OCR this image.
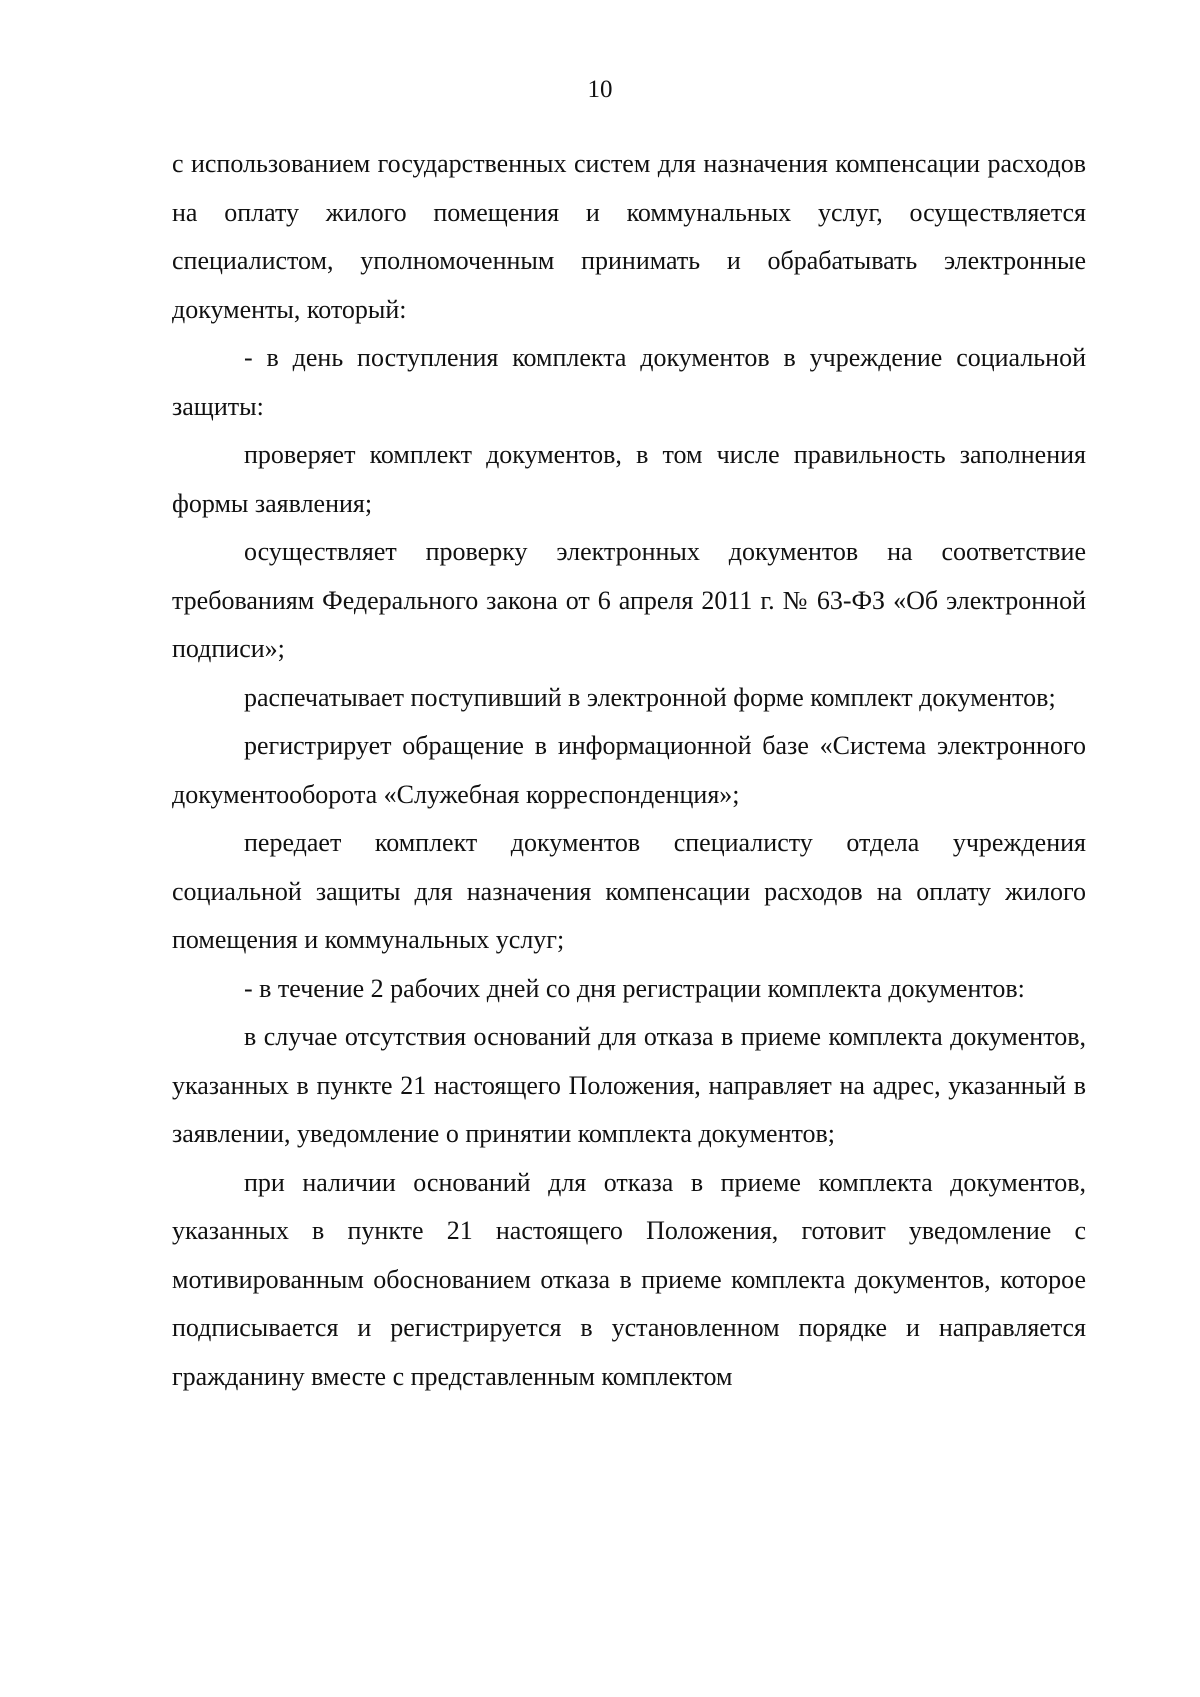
10

с использованием государственных систем для назначения компенсации расходов на оплату жилого помещения и коммунальных услуг, осуществляется специалистом, уполномоченным принимать и обрабатывать электронные документы, который:

- в день поступления комплекта документов в учреждение социальной защиты:

проверяет комплект документов, в том числе правильность заполнения формы заявления;

осуществляет проверку электронных документов на соответствие требованиям Федерального закона от 6 апреля 2011 г. № 63-ФЗ «Об электронной подписи»;

распечатывает поступивший в электронной форме комплект документов;

регистрирует обращение в информационной базе «Система электронного документооборота «Служебная корреспонденция»;

передает комплект документов специалисту отдела учреждения социальной защиты для назначения компенсации расходов на оплату жилого помещения и коммунальных услуг;

- в течение 2 рабочих дней со дня регистрации комплекта документов:

в случае отсутствия оснований для отказа в приеме комплекта документов, указанных в пункте 21 настоящего Положения, направляет на адрес, указанный в заявлении, уведомление о принятии комплекта документов;

при наличии оснований для отказа в приеме комплекта документов, указанных в пункте 21 настоящего Положения, готовит уведомление с мотивированным обоснованием отказа в приеме комплекта документов, которое подписывается и регистрируется в установленном порядке и направляется гражданину вместе с представленным комплектом
